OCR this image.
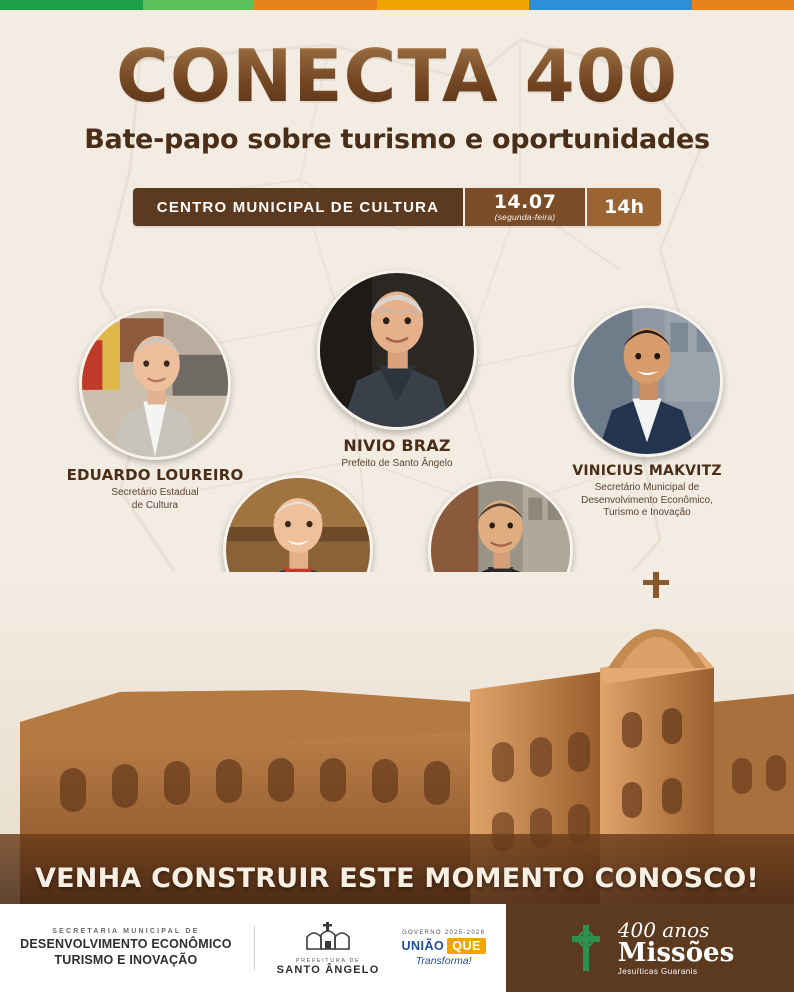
CONECTA 400
Bate-papo sobre turismo e oportunidades
CENTRO MUNICIPAL DE CULTURA	14.07
(segunda-feira)	14h
EDUARDO LOUREIRO
Secretário Estadual
de Cultura
NIVIO BRAZ
Prefeito de Santo Ângelo	VINICIUS MAKVITZ
Secretário Municipal de
Desenvolvimento Econômico,
Turismo e Inovação

VENHA CONSTRUIR ESTE MOMENTO CONOSCO!
SECRETARIA MUNICIPAL DE
DESENVOLVIMENTO ECONÔMICO
TURISMO E INOVAÇÃO	PREFEITURA DE
SANTO ÂNGELO
GOVERNO 2025-2028
UNIÃO QUE
Transforma!
400 anos
Missões
Jesuíticas Guaranis
